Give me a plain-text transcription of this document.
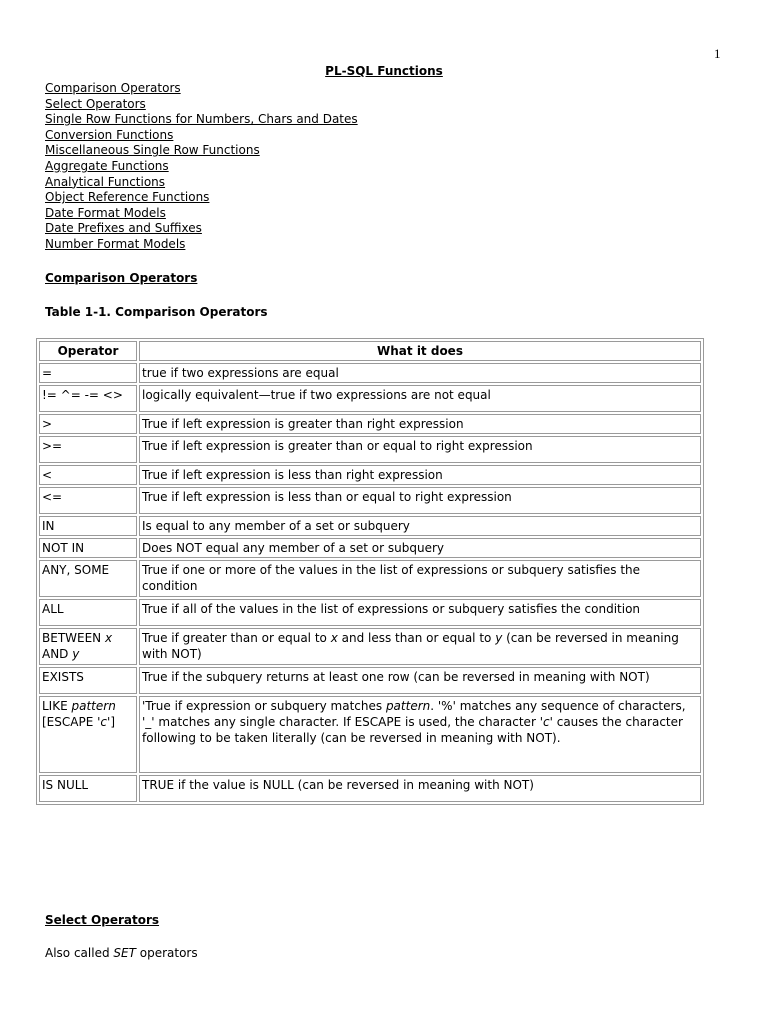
1
PL-SQL Functions
Comparison Operators
Select Operators
Single Row Functions for Numbers, Chars and Dates
Conversion Functions
Miscellaneous Single Row Functions
Aggregate Functions
Analytical Functions
Object Reference Functions
Date Format Models
Date Prefixes and Suffixes
Number Format Models
Comparison Operators
Table 1-1. Comparison Operators
Operator	What it does
=	true if two expressions are equal
!= ^= -= <>	logically equivalent—true if two expressions are not equal
>	True if left expression is greater than right expression
>=	True if left expression is greater than or equal to right expression
<	True if left expression is less than right expression
<=	True if left expression is less than or equal to right expression
IN	Is equal to any member of a set or subquery
NOT IN	Does NOT equal any member of a set or subquery
ANY, SOME	True if one or more of the values in the list of expressions or subquery satisfies the condition
ALL	True if all of the values in the list of expressions or subquery satisfies the condition
BETWEEN x AND y	True if greater than or equal to x and less than or equal to y (can be reversed in meaning with NOT)
EXISTS	True if the subquery returns at least one row (can be reversed in meaning with NOT)
LIKE pattern [ESCAPE 'c']	'True if expression or subquery matches pattern. '%' matches any sequence of characters, '_' matches any single character. If ESCAPE is used, the character 'c' causes the character following to be taken literally (can be reversed in meaning with NOT).
IS NULL	TRUE if the value is NULL (can be reversed in meaning with NOT)
Select Operators
Also called SET operators
